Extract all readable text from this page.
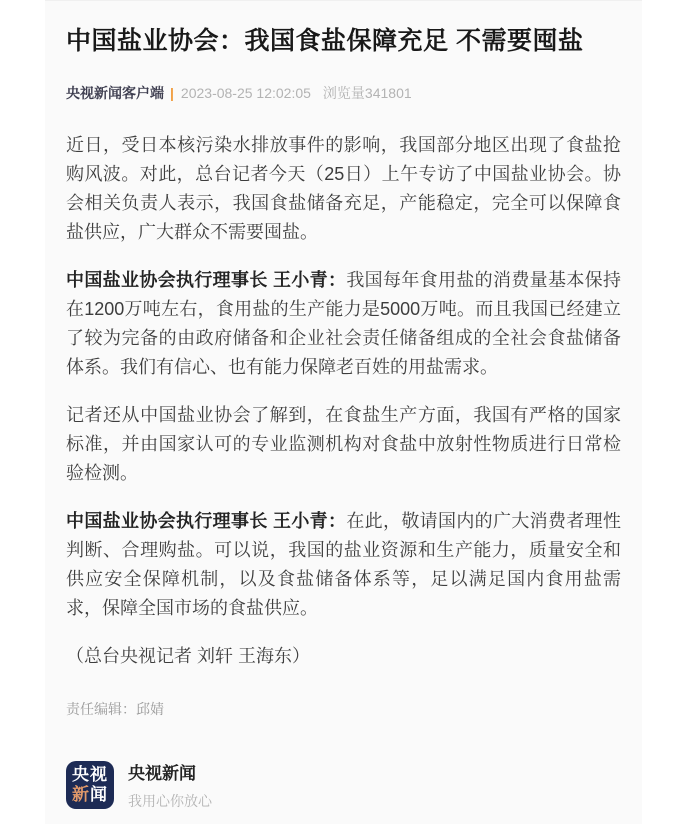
中国盐业协会：我国食盐保障充足 不需要囤盐
央视新闻客户端 | 2023-08-25 12:02:05 浏览量341801

近日，受日本核污染水排放事件的影响，我国部分地区出现了食盐抢购风波。对此，总台记者今天（25日）上午专访了中国盐业协会。协会相关负责人表示，我国食盐储备充足，产能稳定，完全可以保障食盐供应，广大群众不需要囤盐。

中国盐业协会执行理事长 王小青：我国每年食用盐的消费量基本保持在1200万吨左右，食用盐的生产能力是5000万吨。而且我国已经建立了较为完备的由政府储备和企业社会责任储备组成的全社会食盐储备体系。我们有信心、也有能力保障老百姓的用盐需求。

记者还从中国盐业协会了解到，在食盐生产方面，我国有严格的国家标准，并由国家认可的专业监测机构对食盐中放射性物质进行日常检验检测。

中国盐业协会执行理事长 王小青：在此，敬请国内的广大消费者理性判断、合理购盐。可以说，我国的盐业资源和生产能力，质量安全和供应安全保障机制，以及食盐储备体系等，足以满足国内食用盐需求，保障全国市场的食盐供应。

（总台央视记者 刘轩 王海东）

责任编辑：邱婧
央视
新闻
央视新闻
我用心你放心
